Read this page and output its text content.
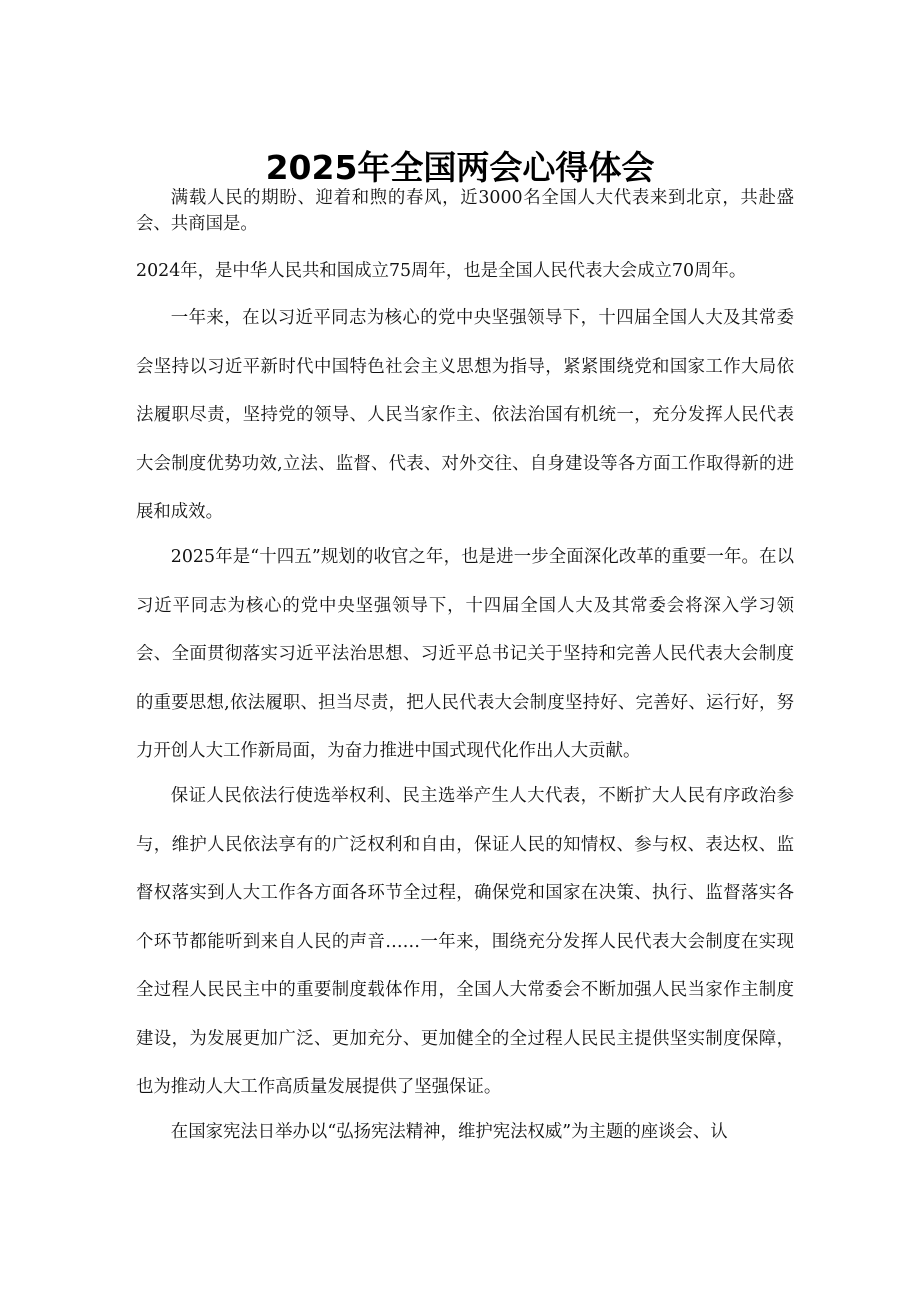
2025年全国两会心得体会

满载人民的期盼、迎着和煦的春风，近3000名全国人大代表来到北京，共赴盛会、共商国是。

2024年，是中华人民共和国成立75周年，也是全国人民代表大会成立70周年。

一年来，在以习近平同志为核心的党中央坚强领导下，十四届全国人大及其常委会坚持以习近平新时代中国特色社会主义思想为指导，紧紧围绕党和国家工作大局依法履职尽责，坚持党的领导、人民当家作主、依法治国有机统一，充分发挥人民代表大会制度优势功效,立法、监督、代表、对外交往、自身建设等各方面工作取得新的进展和成效。

2025年是“十四五”规划的收官之年，也是进一步全面深化改革的重要一年。在以习近平同志为核心的党中央坚强领导下，十四届全国人大及其常委会将深入学习领会、全面贯彻落实习近平法治思想、习近平总书记关于坚持和完善人民代表大会制度的重要思想,依法履职、担当尽责，把人民代表大会制度坚持好、完善好、运行好，努力开创人大工作新局面，为奋力推进中国式现代化作出人大贡献。

保证人民依法行使选举权利、民主选举产生人大代表，不断扩大人民有序政治参与，维护人民依法享有的广泛权利和自由，保证人民的知情权、参与权、表达权、监督权落实到人大工作各方面各环节全过程，确保党和国家在决策、执行、监督落实各个环节都能听到来自人民的声音……一年来，围绕充分发挥人民代表大会制度在实现全过程人民民主中的重要制度载体作用，全国人大常委会不断加强人民当家作主制度建设，为发展更加广泛、更加充分、更加健全的全过程人民民主提供坚实制度保障，也为推动人大工作高质量发展提供了坚强保证。

在国家宪法日举办以“弘扬宪法精神，维护宪法权威”为主题的座谈会、认
